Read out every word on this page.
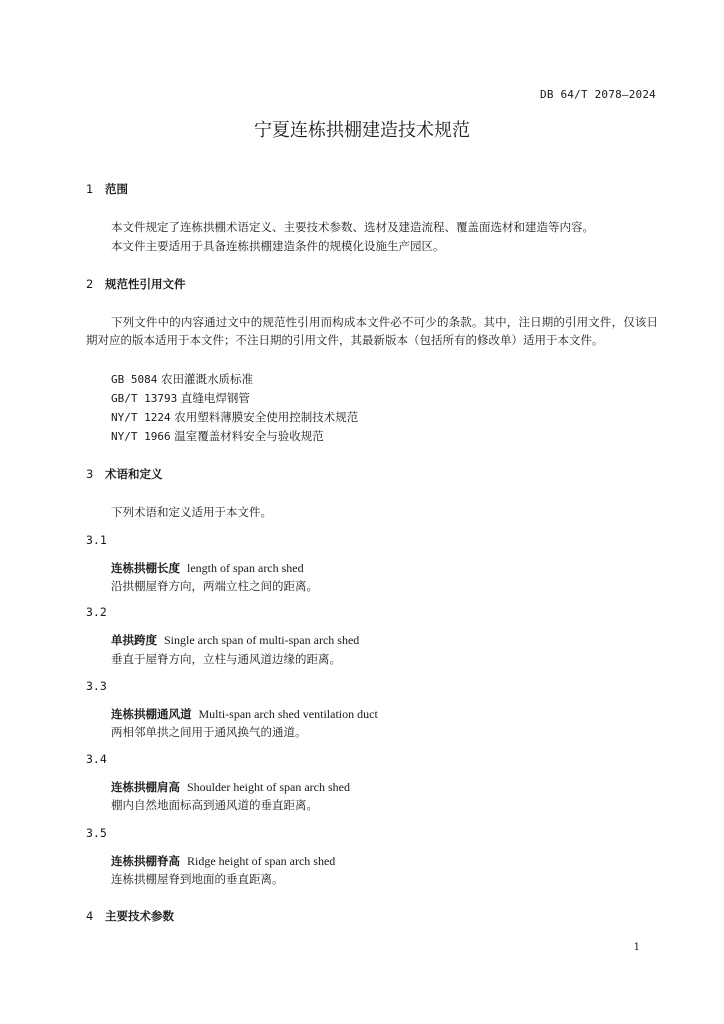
DB 64/T 2078—2024
宁夏连栋拱棚建造技术规范
1 范围
本文件规定了连栋拱棚术语定义、主要技术参数、选材及建造流程、覆盖面选材和建造等内容。
本文件主要适用于具备连栋拱棚建造条件的规模化设施生产园区。
2 规范性引用文件

下列文件中的内容通过文中的规范性引用而构成本文件必不可少的条款。其中，注日期的引用文件，仅该日期对应的版本适用于本文件；不注日期的引用文件，其最新版本（包括所有的修改单）适用于本文件。

GB 5084 农田灌溉水质标准
GB/T 13793 直缝电焊钢管
NY/T 1224 农用塑料薄膜安全使用控制技术规范
NY/T 1966 温室覆盖材料安全与验收规范
3 术语和定义
下列术语和定义适用于本文件。
3.1
连栋拱棚长度 length of span arch shed
沿拱棚屋脊方向，两端立柱之间的距离。
3.2
单拱跨度 Single arch span of multi-span arch shed
垂直于屋脊方向，立柱与通风道边缘的距离。
3.3
连栋拱棚通风道 Multi-span arch shed ventilation duct
两相邻单拱之间用于通风换气的通道。
3.4
连栋拱棚肩高 Shoulder height of span arch shed
棚内自然地面标高到通风道的垂直距离。
3.5
连栋拱棚脊高 Ridge height of span arch shed
连栋拱棚屋脊到地面的垂直距离。
4 主要技术参数
1
